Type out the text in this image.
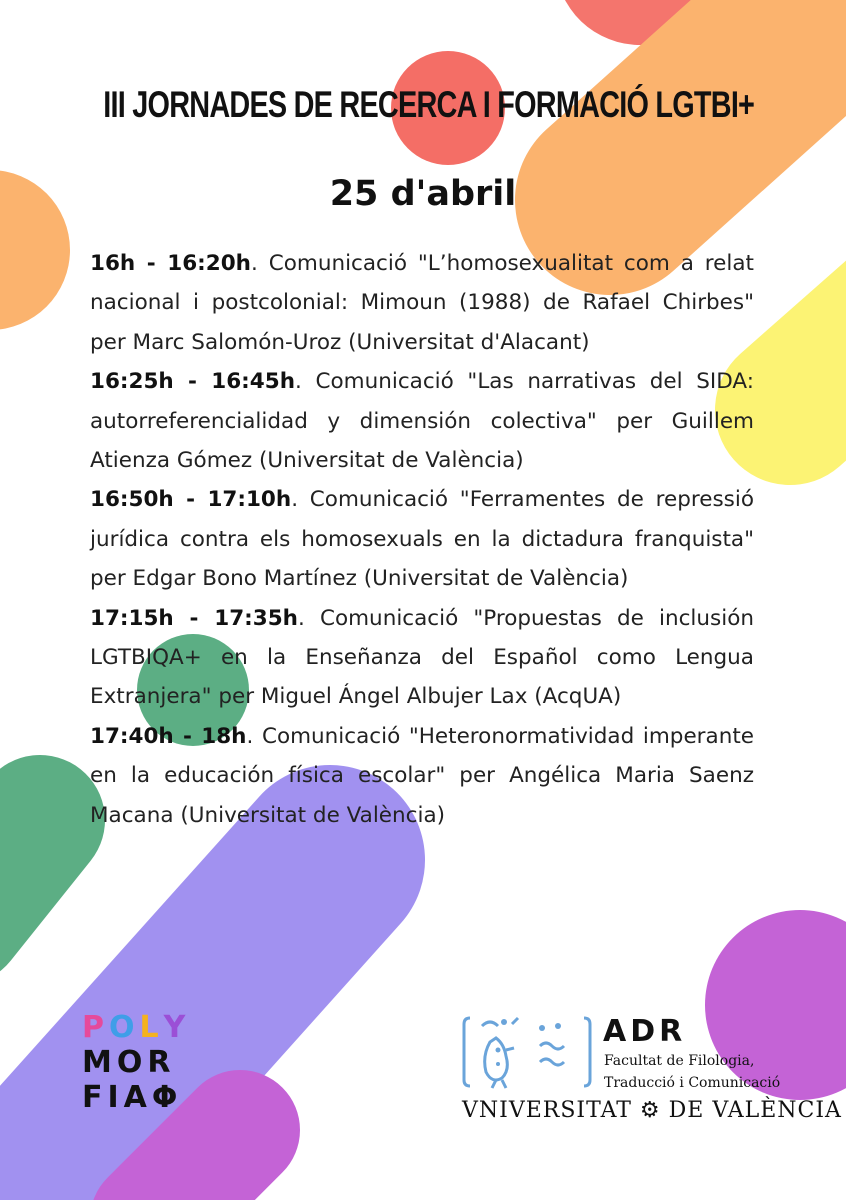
III JORNADES DE RECERCA I FORMACIÓ LGTBI+
25 d'abril

16h - 16:20h. Comunicació "L’homosexualitat com a relat nacional i postcolonial: Mimoun (1988) de Rafael Chirbes" per Marc Salomón-Uroz (Universitat d'Alacant)

16:25h - 16:45h. Comunicació "Las narrativas del SIDA: autorreferencialidad y dimensión colectiva" per Guillem Atienza Gómez (Universitat de València)

16:50h - 17:10h. Comunicació "Ferramentes de repressió jurídica contra els homosexuals en la dictadura franquista" per Edgar Bono Martínez (Universitat de València)

17:15h - 17:35h. Comunicació "Propuestas de inclusión LGTBIQA+ en la Enseñanza del Español como Lengua Extranjera" per Miguel Ángel Albujer Lax (AcqUA)

17:40h - 18h. Comunicació "Heteronormatividad imperante en la educación física escolar" per Angélica Maria Saenz Macana (Universitat de València)

POLY
MOR
FIAΦ
ADR
Facultat de Filologia,
Traducció i Comunicació
VNIVERSITAT ⚙ DE VALÈNCIA
